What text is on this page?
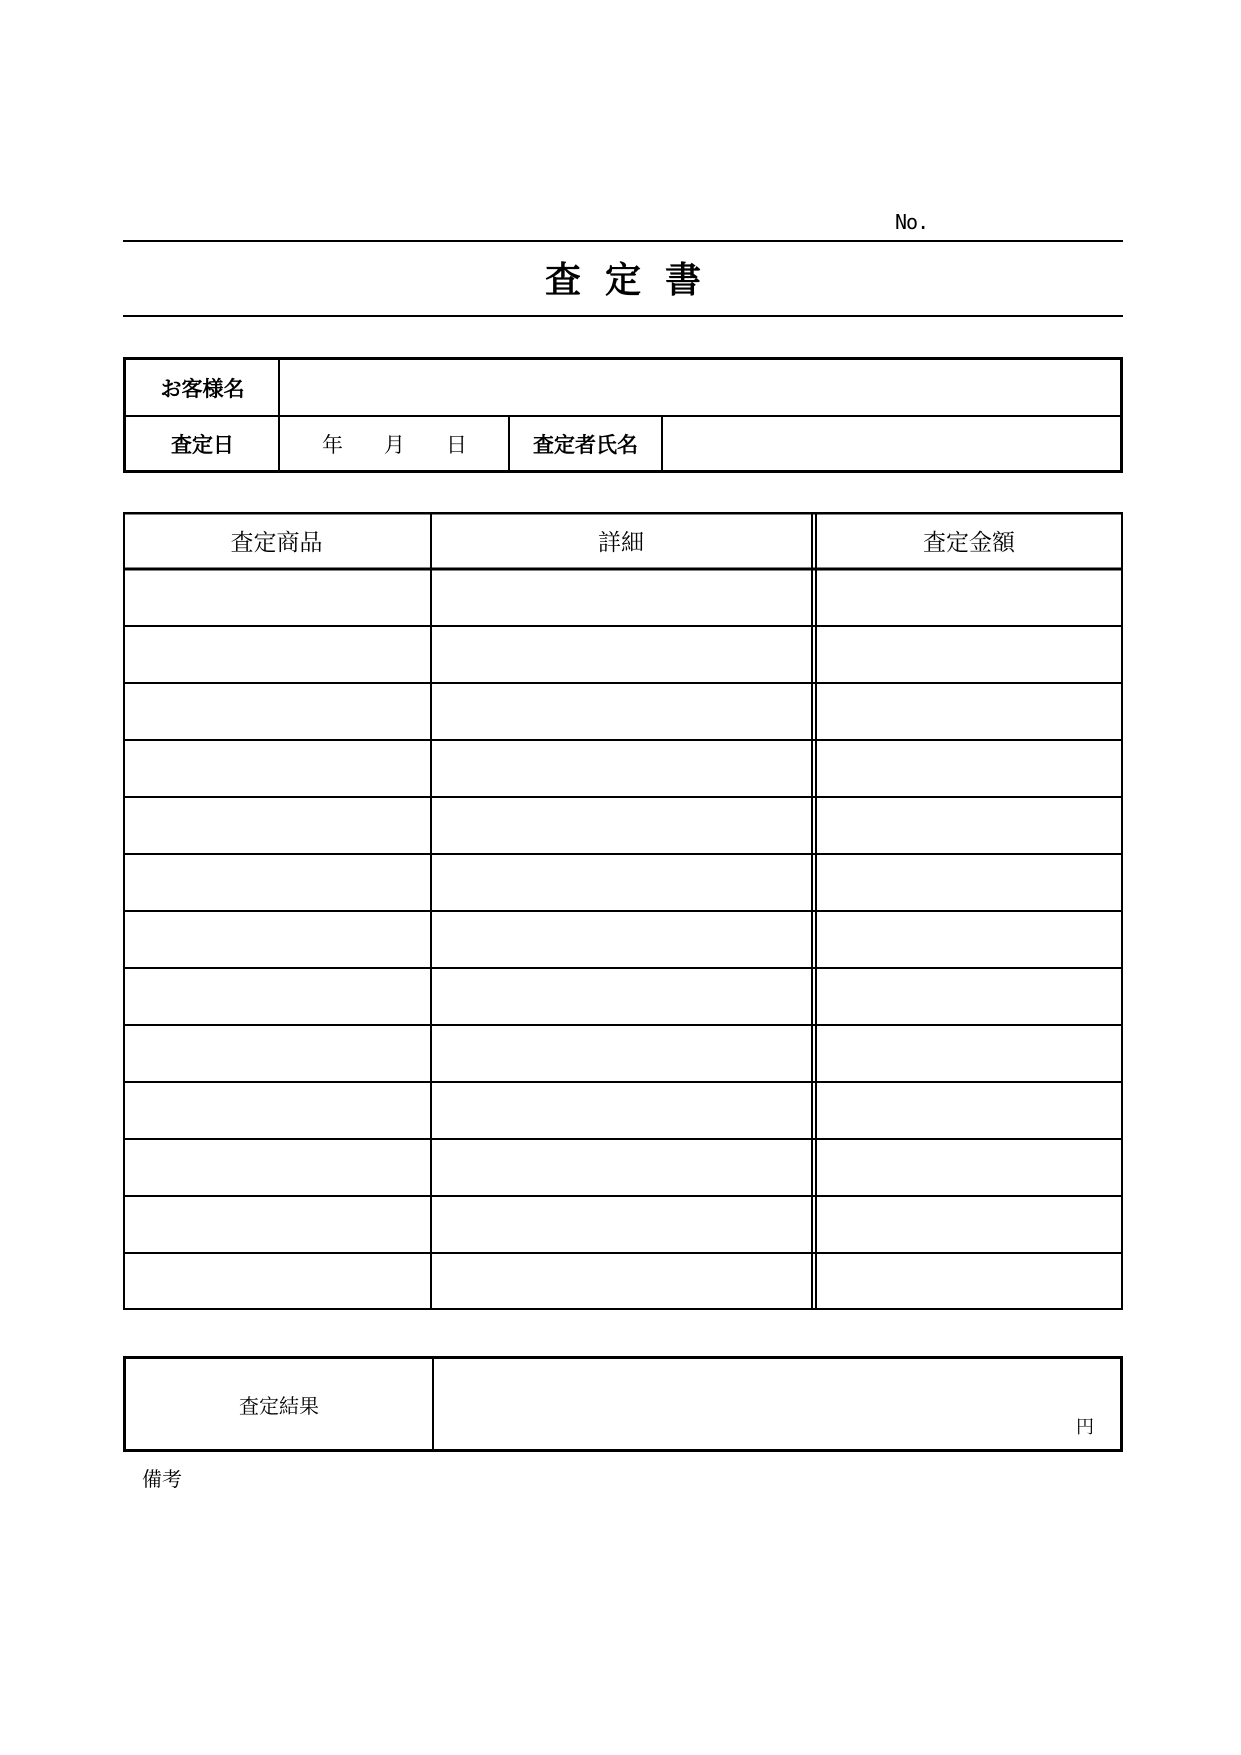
No.
査定書
お客様名
査定日	年 月 日	査定者氏名
査定商品	詳細	査定金額
査定結果
円
備考
